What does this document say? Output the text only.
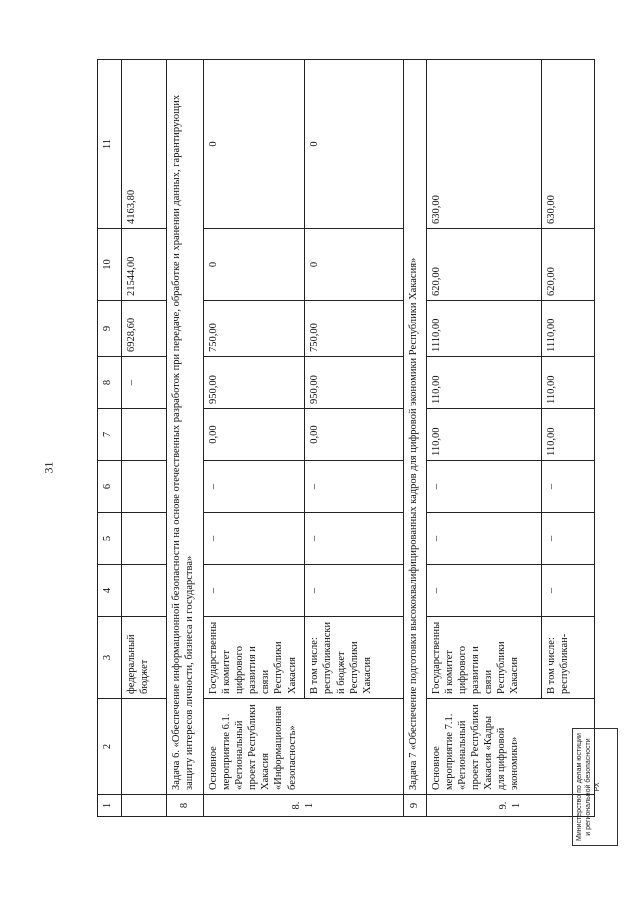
31
1	2	3	4	5	6	7	8	9	10	11
		федеральный бюджет					–	6928,60	21544,00	4163,80
8	Задача 6. «Обеспечение информационной безопасности на основе отечественных разработок при передаче, обработке и хранении данных, гарантирующих защиту интересов личности, бизнеса и государства»									
8.1	Основное мероприятие 6.1. «Региональный проект Республики Хакасия «Информационная безопасность»	Государственный комитет цифрового развития и связи Республики Хакасия	–	–	–	0,00	950,00	750,00	0	0
		В том числе: республиканский бюджет Республики Хакасия	–	–	–	0,00	950,00	750,00	0	0
9	Задача 7 «Обеспечение подготовки высококвалифицированных кадров для цифровой экономики Республики Хакасия»									
9.1	Основное мероприятие 7.1. «Региональный проект Республики Хакасия «Кадры для цифровой экономики»	Государственный комитет цифрового развития и связи Республики Хакасия	–	–	–	110,00	110,00	1110,00	620,00	630,00
		В том числе: республикан-	–	–	–	110,00	110,00	1110,00	620,00	630,00
Министерство по делам юстиции и региональной безопасности РХ
